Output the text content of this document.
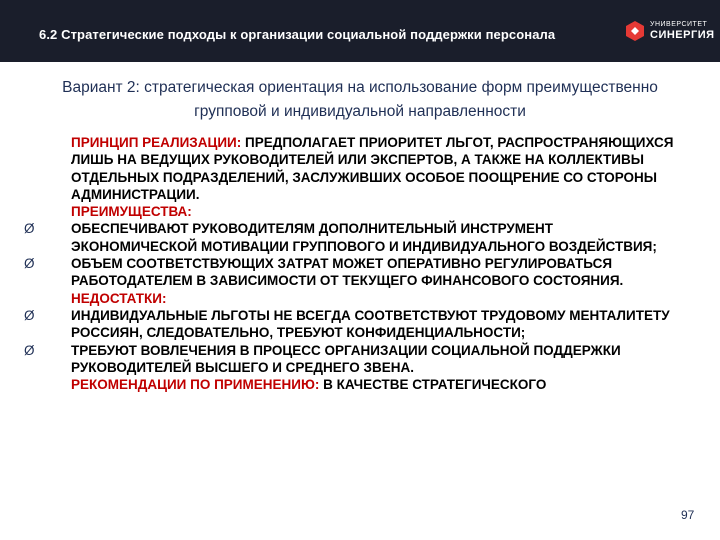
6.2 Стратегические подходы к организации социальной поддержки персонала
УНИВЕРСИТЕТ
СИНЕРГИЯ
Вариант 2: стратегическая ориентация на использование форм преимущественно групповой и индивидуальной направленности
ПРИНЦИП РЕАЛИЗАЦИИ: ПРЕДПОЛАГАЕТ ПРИОРИТЕТ ЛЬГОТ, РАСПРОСТРАНЯЮЩИХСЯ ЛИШЬ НА ВЕДУЩИХ РУКОВОДИТЕЛЕЙ ИЛИ ЭКСПЕРТОВ, А ТАКЖЕ НА КОЛЛЕКТИВЫ ОТДЕЛЬНЫХ ПОДРАЗДЕЛЕНИЙ, ЗАСЛУЖИВШИХ ОСОБОЕ ПООЩРЕНИЕ СО СТОРОНЫ АДМИНИСТРАЦИИ.
ПРЕИМУЩЕСТВА:
Ø	ОБЕСПЕЧИВАЮТ РУКОВОДИТЕЛЯМ ДОПОЛНИТЕЛЬНЫЙ ИНСТРУМЕНТ ЭКОНОМИЧЕСКОЙ МОТИВАЦИИ ГРУППОВОГО И ИНДИВИДУАЛЬНОГО ВОЗДЕЙСТВИЯ;
Ø	ОБЪЕМ СООТВЕТСТВУЮЩИХ ЗАТРАТ МОЖЕТ ОПЕРАТИВНО РЕГУЛИРОВАТЬСЯ РАБОТОДАТЕЛЕМ В ЗАВИСИМОСТИ ОТ ТЕКУЩЕГО ФИНАНСОВОГО СОСТОЯНИЯ.
НЕДОСТАТКИ:
Ø	ИНДИВИДУАЛЬНЫЕ ЛЬГОТЫ НЕ ВСЕГДА СООТВЕТСТВУЮТ ТРУДОВОМУ МЕНТАЛИТЕТУ РОССИЯН, СЛЕДОВАТЕЛЬНО, ТРЕБУЮТ КОНФИДЕНЦИАЛЬНОСТИ;
Ø	ТРЕБУЮТ ВОВЛЕЧЕНИЯ В ПРОЦЕСС ОРГАНИЗАЦИИ СОЦИАЛЬНОЙ ПОДДЕРЖКИ РУКОВОДИТЕЛЕЙ ВЫСШЕГО И СРЕДНЕГО ЗВЕНА.
РЕКОМЕНДАЦИИ ПО ПРИМЕНЕНИЮ: В КАЧЕСТВЕ СТРАТЕГИЧЕСКОГО
97
